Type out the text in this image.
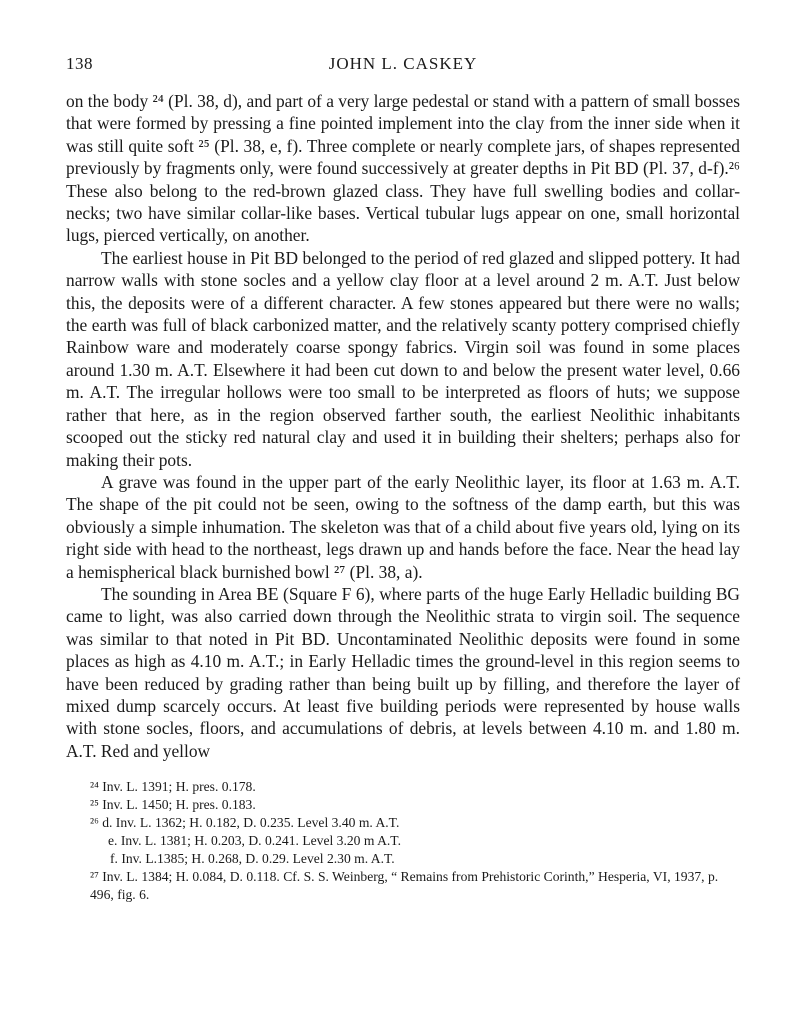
138	JOHN L. CASKEY

on the body ²⁴ (Pl. 38, d), and part of a very large pedestal or stand with a pattern of small bosses that were formed by pressing a fine pointed implement into the clay from the inner side when it was still quite soft ²⁵ (Pl. 38, e, f). Three complete or nearly complete jars, of shapes represented previously by fragments only, were found successively at greater depths in Pit BD (Pl. 37, d-f).²⁶ These also belong to the red-brown glazed class. They have full swelling bodies and collar-necks; two have similar collar-like bases. Vertical tubular lugs appear on one, small horizontal lugs, pierced vertically, on another.

The earliest house in Pit BD belonged to the period of red glazed and slipped pottery. It had narrow walls with stone socles and a yellow clay floor at a level around 2 m. A.T. Just below this, the deposits were of a different character. A few stones appeared but there were no walls; the earth was full of black carbonized matter, and the relatively scanty pottery comprised chiefly Rainbow ware and moderately coarse spongy fabrics. Virgin soil was found in some places around 1.30 m. A.T. Elsewhere it had been cut down to and below the present water level, 0.66 m. A.T. The irregular hollows were too small to be interpreted as floors of huts; we suppose rather that here, as in the region observed farther south, the earliest Neolithic inhabitants scooped out the sticky red natural clay and used it in building their shelters; perhaps also for making their pots.

A grave was found in the upper part of the early Neolithic layer, its floor at 1.63 m. A.T. The shape of the pit could not be seen, owing to the softness of the damp earth, but this was obviously a simple inhumation. The skeleton was that of a child about five years old, lying on its right side with head to the northeast, legs drawn up and hands before the face. Near the head lay a hemispherical black burnished bowl ²⁷ (Pl. 38, a).

The sounding in Area BE (Square F 6), where parts of the huge Early Helladic building BG came to light, was also carried down through the Neolithic strata to virgin soil. The sequence was similar to that noted in Pit BD. Uncontaminated Neolithic deposits were found in some places as high as 4.10 m. A.T.; in Early Helladic times the ground-level in this region seems to have been reduced by grading rather than being built up by filling, and therefore the layer of mixed dump scarcely occurs. At least five building periods were represented by house walls with stone socles, floors, and accumulations of debris, at levels between 4.10 m. and 1.80 m. A.T. Red and yellow

²⁴ Inv. L. 1391; H. pres. 0.178.
²⁵ Inv. L. 1450; H. pres. 0.183.
²⁶ d. Inv. L. 1362; H. 0.182, D. 0.235. Level 3.40 m. A.T.
e. Inv. L. 1381; H. 0.203, D. 0.241. Level 3.20 m A.T.
f. Inv. L.1385; H. 0.268, D. 0.29. Level 2.30 m. A.T.
²⁷ Inv. L. 1384; H. 0.084, D. 0.118. Cf. S. S. Weinberg, “ Remains from Prehistoric Corinth,” Hesperia, VI, 1937, p. 496, fig. 6.
